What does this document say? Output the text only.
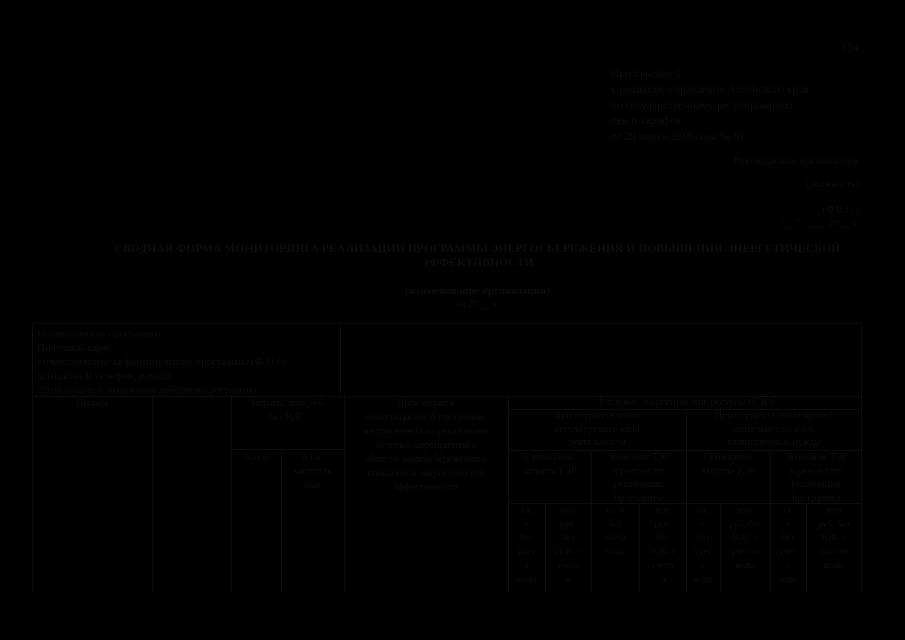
154
Приложение 2
к решению управления Алтайского края
по государственному регулированию
цен и тарифов
от 29 марта 2019 года № 51
Руководитель организации
(должность)
(Ф.И.О.)
"__" ____ 20__ г.
СВОДНАЯ ФОРМА МОНИТОРИНГА РЕАЛИЗАЦИИ ПРОГРАММЫ ЭНЕРГОСБЕРЕЖЕНИЯ И ПОВЫШЕНИЯ ЭНЕРГЕТИЧЕСКОЙ
ЭФФЕКТИВНОСТИ
(наименование организации)
за 20__ г.
Наименование программы
Почтовый адрес
Ответственный за формирование программы (Ф.И.О.,
контактный телефон, e-mail)
Даты начала и окончания действия программы
Период	Затраты, млн руб.
без НДС
всего	в т.ч.
капиталь
ные
Доля затрат в
инвестиционной программе,
направленной на реализацию
целевых мероприятий в
области энергосбережения и
повышения энергетической
эффективности
Топливно-энергетические ресурсы (ТЭР)
При осуществлении
регулируемого вида
деятельности
При осуществлении прочей
деятельности, в т.ч.
хозяйственные нужды
Суммарные
затраты ТЭР
Экономия ТЭР
в результате
реализации
программы
Суммарные
затраты ТЭР
Экономия ТЭР
в результате
реализации
программы
т.у.
т.
без
учет
а
воды
млн
руб.
без
НДС с
учето
м
т.у. т.
без
учета
воды
млн
руб.
без
НДС с
учето
м
т.у.
т.
без
учет
а
воды
млн
руб. без
НДС с
учетом
воды
т.у.
т.
без
учет
а
воды
млн
руб. без
НДС с
учетом
воды
